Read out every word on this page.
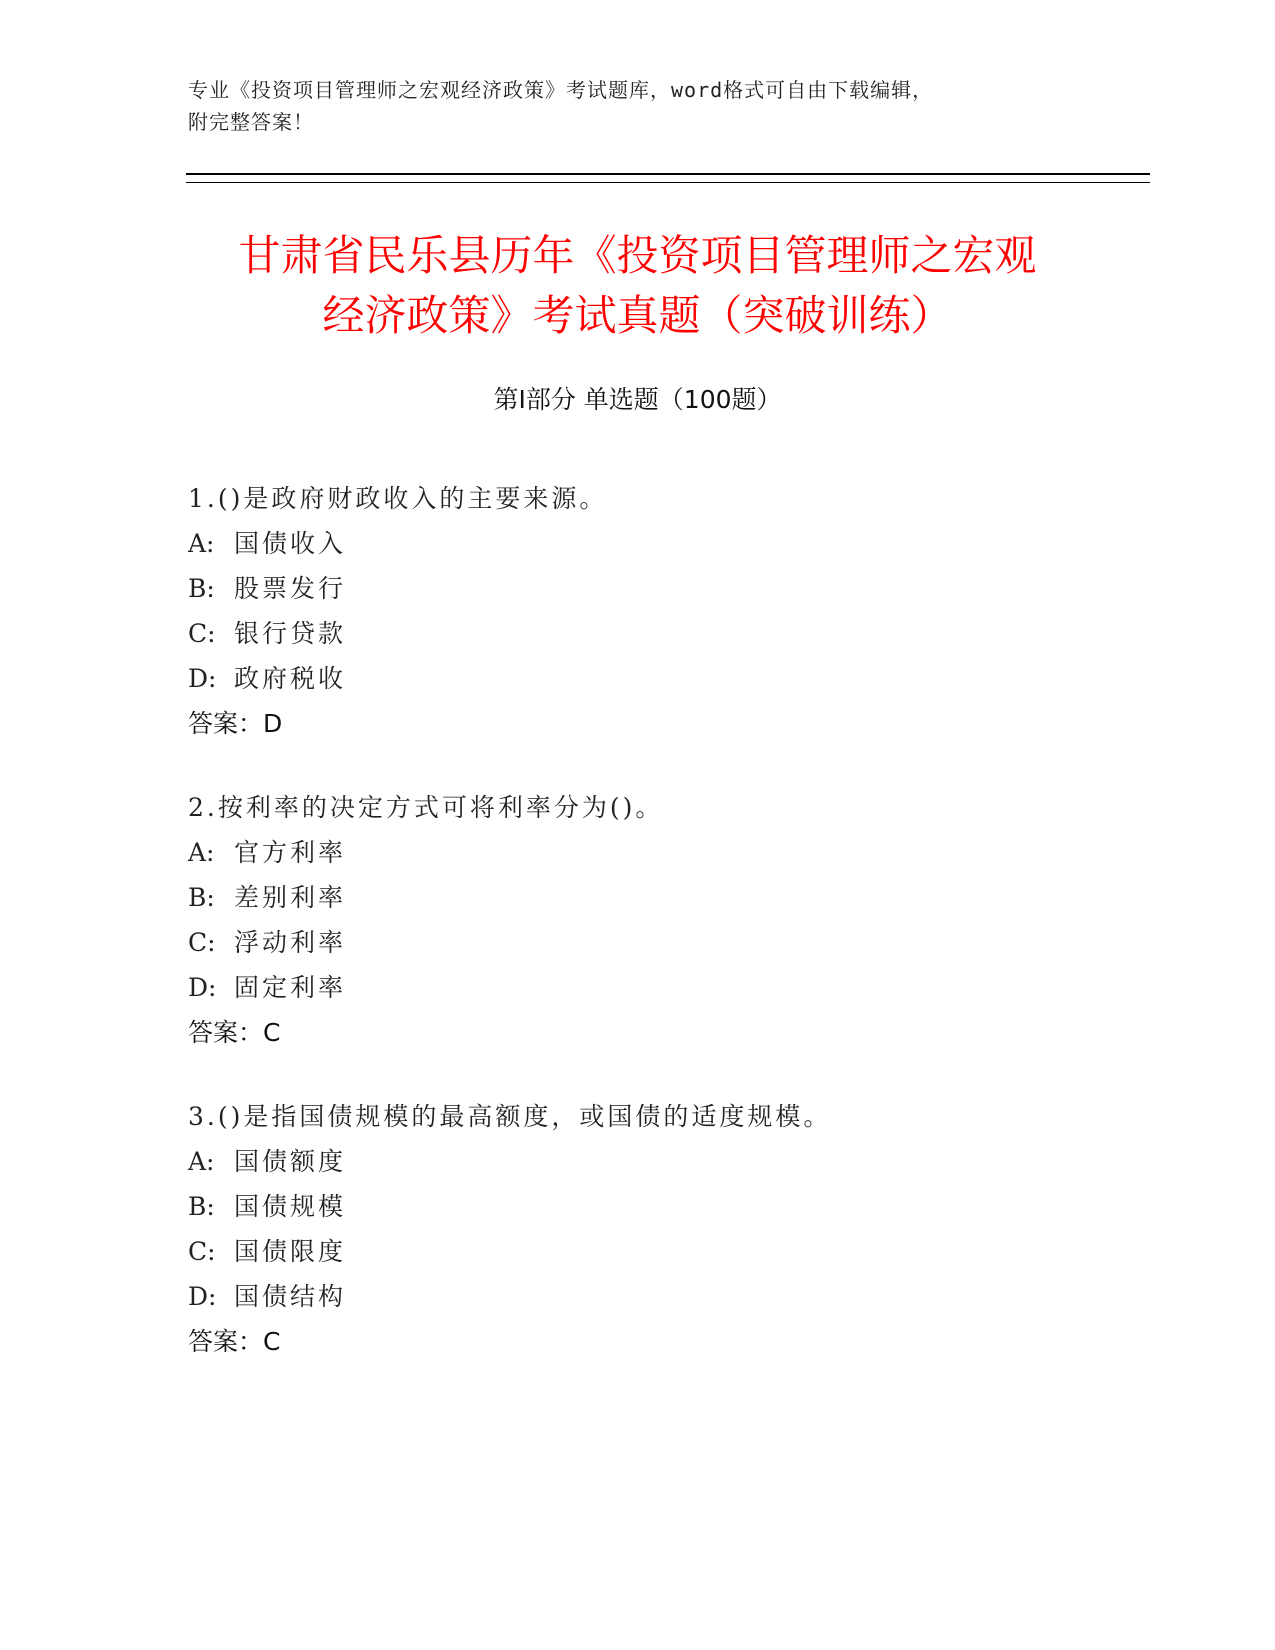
专业《投资项目管理师之宏观经济政策》考试题库，word格式可自由下载编辑，
附完整答案！
甘肃省民乐县历年《投资项目管理师之宏观
经济政策》考试真题（突破训练）
第Ⅰ部分 单选题（100题）
1.()是政府财政收入的主要来源。
A: 国债收入
B: 股票发行
C: 银行贷款
D: 政府税收
答案：D
2.按利率的决定方式可将利率分为()。
A: 官方利率
B: 差别利率
C: 浮动利率
D: 固定利率
答案：C
3.()是指国债规模的最高额度，或国债的适度规模。
A: 国债额度
B: 国债规模
C: 国债限度
D: 国债结构
答案：C
